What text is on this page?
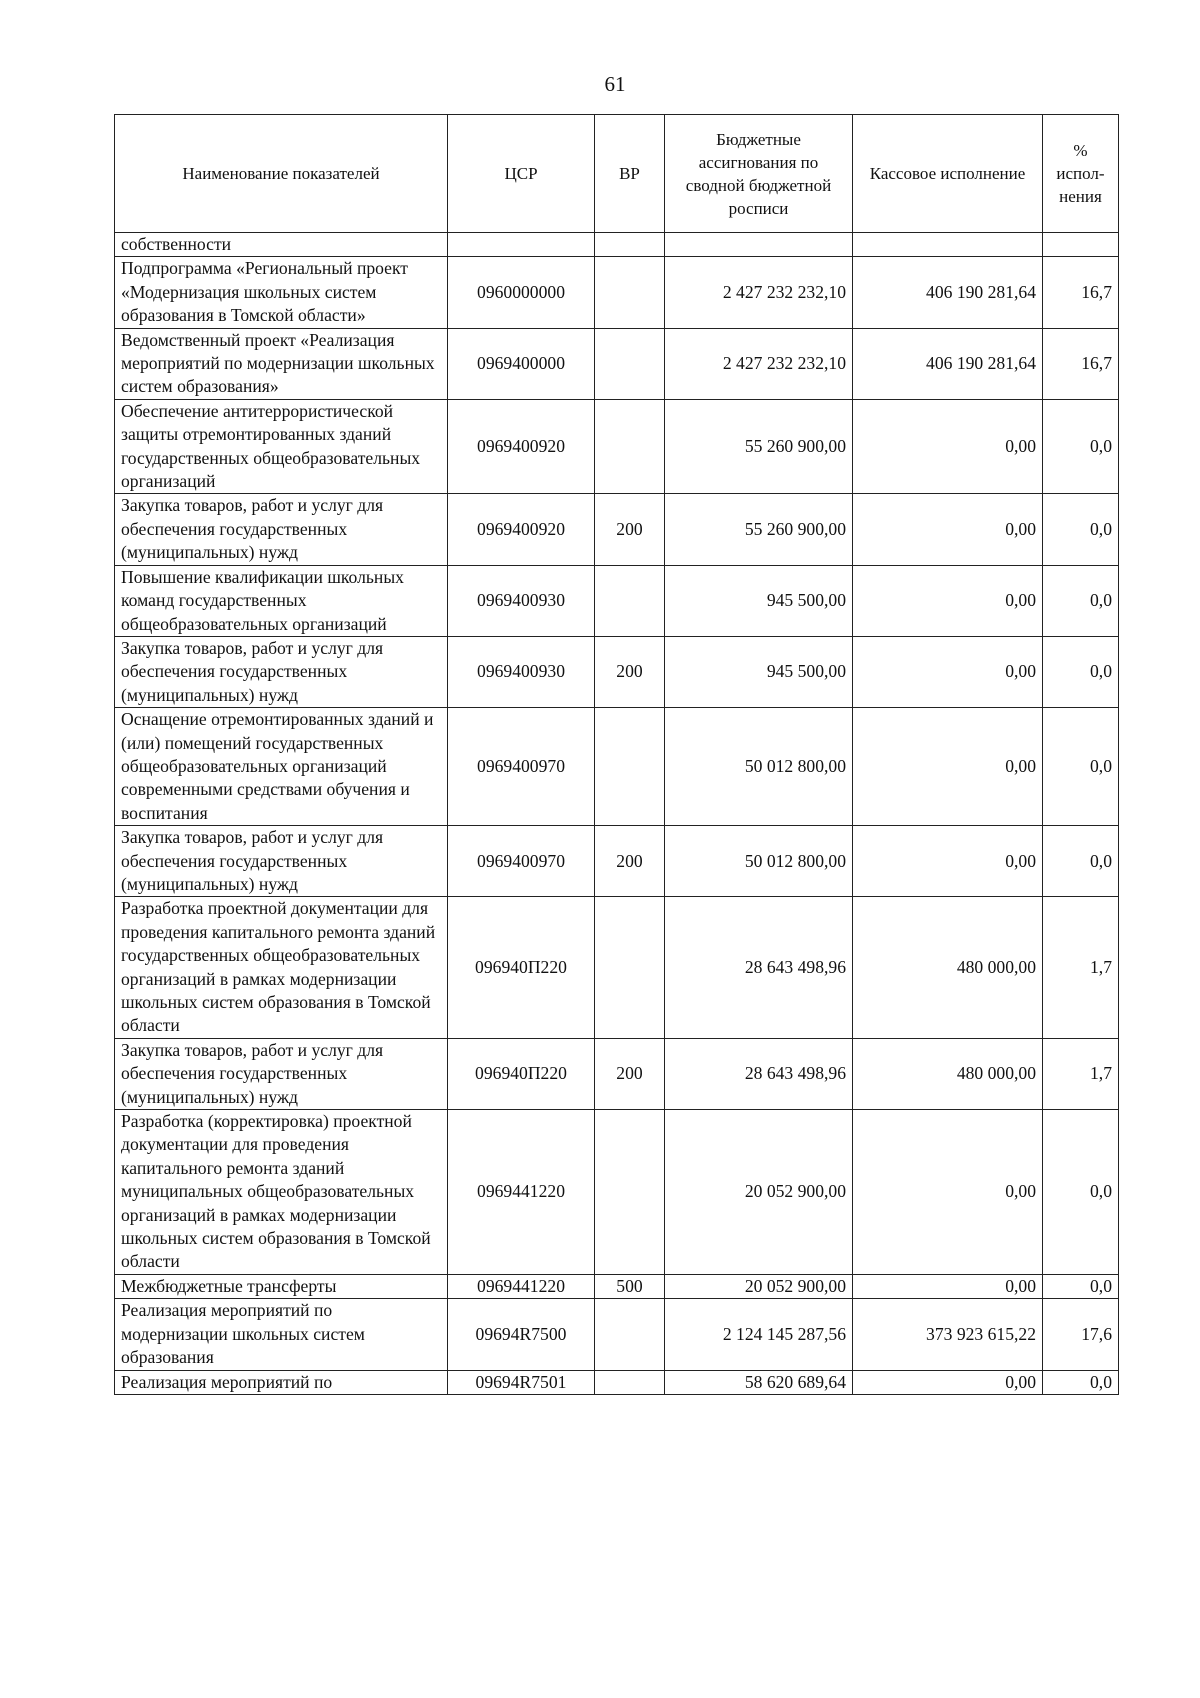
61
Наименование показателей	ЦСР	ВР	Бюджетные ассигнования по сводной бюджетной росписи	Кассовое исполнение	% испол-нения
собственности					
Подпрограмма «Региональный проект «Модернизация школьных систем образования в Томской области»	0960000000		2 427 232 232,10	406 190 281,64	16,7
Ведомственный проект «Реализация мероприятий по модернизации школьных систем образования»	0969400000		2 427 232 232,10	406 190 281,64	16,7
Обеспечение антитеррористической защиты отремонтированных зданий государственных общеобразовательных организаций	0969400920		55 260 900,00	0,00	0,0
Закупка товаров, работ и услуг для обеспечения государственных (муниципальных) нужд	0969400920	200	55 260 900,00	0,00	0,0
Повышение квалификации школьных команд государственных общеобразовательных организаций	0969400930		945 500,00	0,00	0,0
Закупка товаров, работ и услуг для обеспечения государственных (муниципальных) нужд	0969400930	200	945 500,00	0,00	0,0
Оснащение отремонтированных зданий и (или) помещений государственных общеобразовательных организаций современными средствами обучения и воспитания	0969400970		50 012 800,00	0,00	0,0
Закупка товаров, работ и услуг для обеспечения государственных (муниципальных) нужд	0969400970	200	50 012 800,00	0,00	0,0
Разработка проектной документации для проведения капитального ремонта зданий государственных общеобразовательных организаций в рамках модернизации школьных систем образования в Томской области	096940П220		28 643 498,96	480 000,00	1,7
Закупка товаров, работ и услуг для обеспечения государственных (муниципальных) нужд	096940П220	200	28 643 498,96	480 000,00	1,7
Разработка (корректировка) проектной документации для проведения капитального ремонта зданий муниципальных общеобразовательных организаций в рамках модернизации школьных систем образования в Томской области	0969441220		20 052 900,00	0,00	0,0
Межбюджетные трансферты	0969441220	500	20 052 900,00	0,00	0,0
Реализация мероприятий по модернизации школьных систем образования	09694R7500		2 124 145 287,56	373 923 615,22	17,6
Реализация мероприятий по	09694R7501		58 620 689,64	0,00	0,0
